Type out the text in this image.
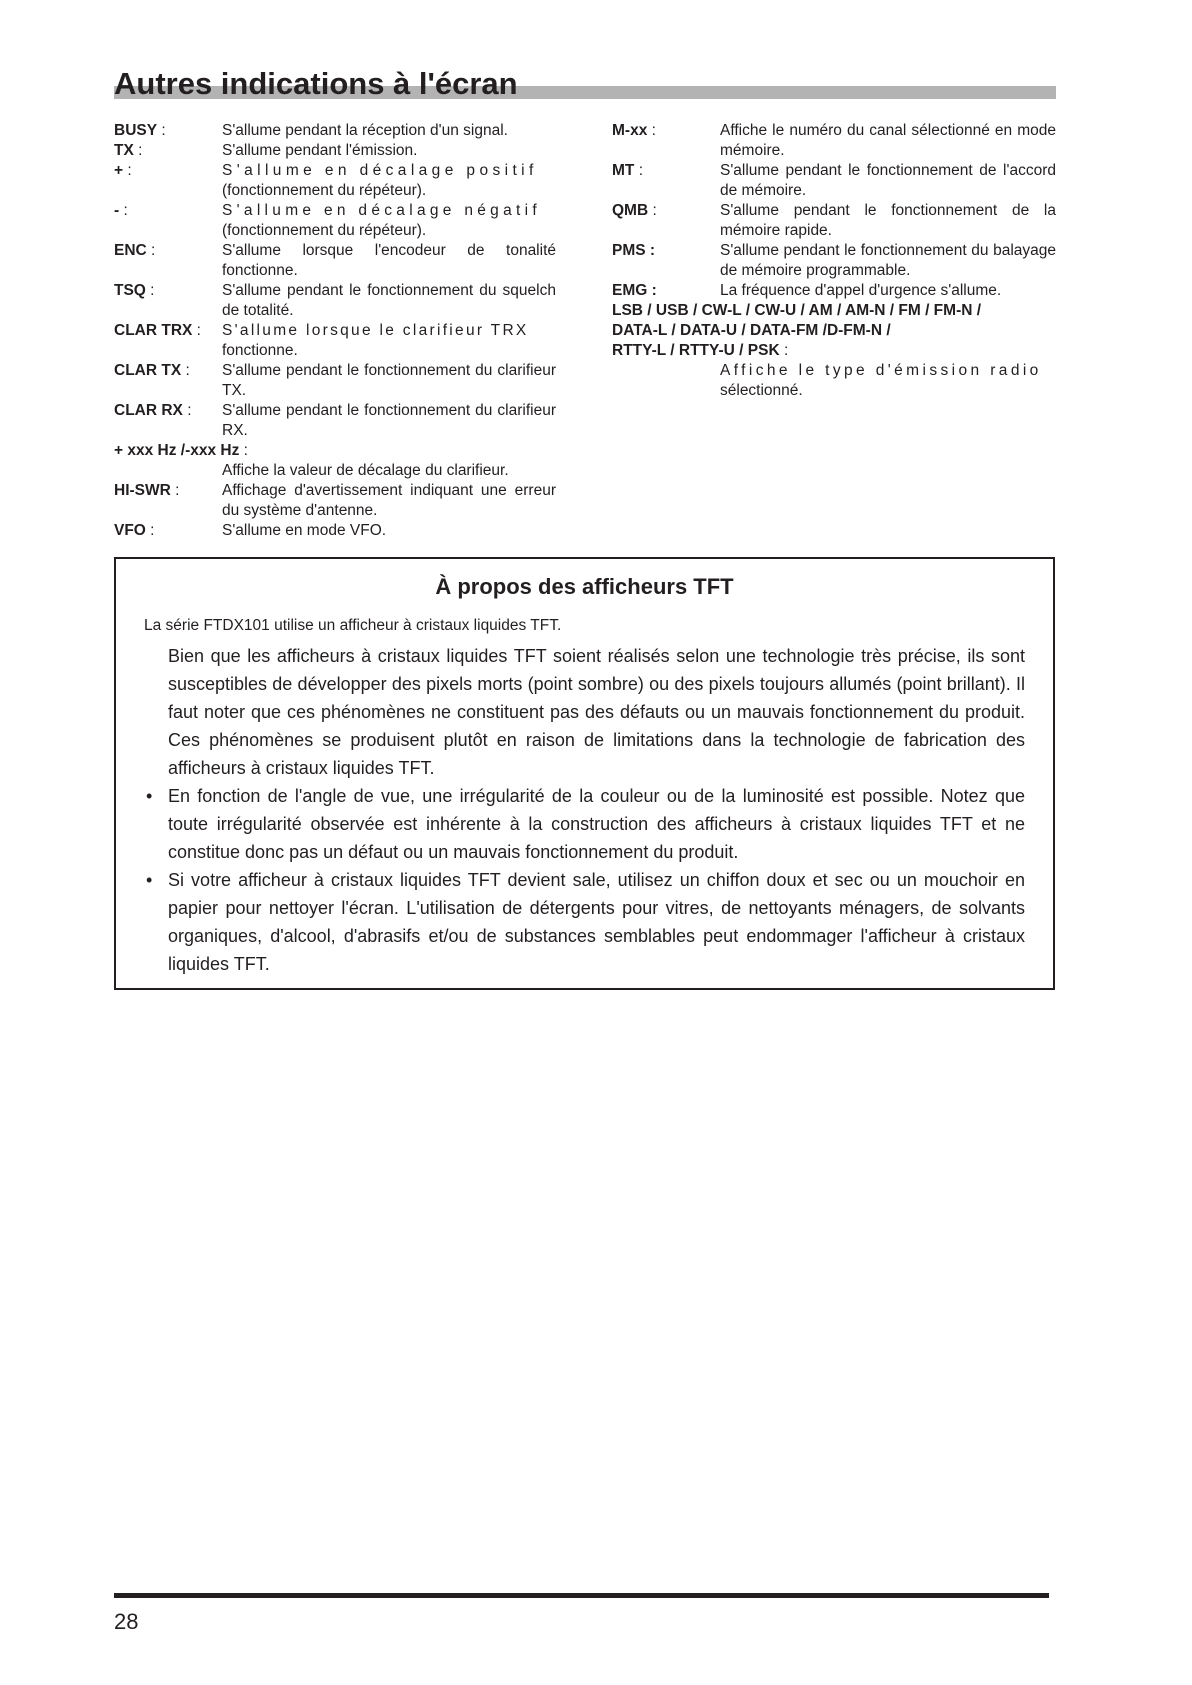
Autres indications à l'écran
BUSY :	S'allume pendant la réception d'un signal.
TX :	S'allume pendant l'émission.
+ :	S'allume en décalage positif
(fonctionnement du répéteur).
- :	S'allume en décalage négatif
(fonctionnement du répéteur).
ENC :	S'allume lorsque l'encodeur de tonalité fonctionne.
TSQ :	S'allume pendant le fonctionnement du squelch de totalité.
CLAR TRX :	S'allume lorsque le clarifieur TRX
fonctionne.
CLAR TX :	S'allume pendant le fonctionnement du clarifieur TX.
CLAR RX :	S'allume pendant le fonctionnement du clarifieur RX.
+ xxx Hz /-xxx Hz :
Affiche la valeur de décalage du clarifieur.
HI-SWR :	Affichage d'avertissement indiquant une erreur du système d'antenne.
VFO :	S'allume en mode VFO.
M-xx :	Affiche le numéro du canal sélectionné en mode mémoire.
MT :	S'allume pendant le fonctionnement de l'accord de mémoire.
QMB :	S'allume pendant le fonctionnement de la mémoire rapide.
PMS :	S'allume pendant le fonctionnement du balayage de mémoire programmable.
EMG :	La fréquence d'appel d'urgence s'allume.
LSB / USB / CW-L / CW-U / AM / AM-N / FM / FM-N /
DATA-L / DATA-U / DATA-FM /D-FM-N /
RTTY-L / RTTY-U / PSK :
Affiche le type d'émission radio
sélectionné.
À propos des afficheurs TFT

La série FTDX101 utilise un afficheur à cristaux liquides TFT.

Bien que les afficheurs à cristaux liquides TFT soient réalisés selon une technologie très précise, ils sont susceptibles de développer des pixels morts (point sombre) ou des pixels toujours allumés (point brillant). Il faut noter que ces phénomènes ne constituent pas des défauts ou un mauvais fonctionnement du produit. Ces phénomènes se produisent plutôt en raison de limitations dans la technologie de fabrication des afficheurs à cristaux liquides TFT.
• En fonction de l'angle de vue, une irrégularité de la couleur ou de la luminosité est possible. Notez que toute irrégularité observée est inhérente à la construction des afficheurs à cristaux liquides TFT et ne constitue donc pas un défaut ou un mauvais fonctionnement du produit.
• Si votre afficheur à cristaux liquides TFT devient sale, utilisez un chiffon doux et sec ou un mouchoir en papier pour nettoyer l'écran. L'utilisation de détergents pour vitres, de nettoyants ménagers, de solvants organiques, d'alcool, d'abrasifs et/ou de substances semblables peut endommager l'afficheur à cristaux liquides TFT.
28
